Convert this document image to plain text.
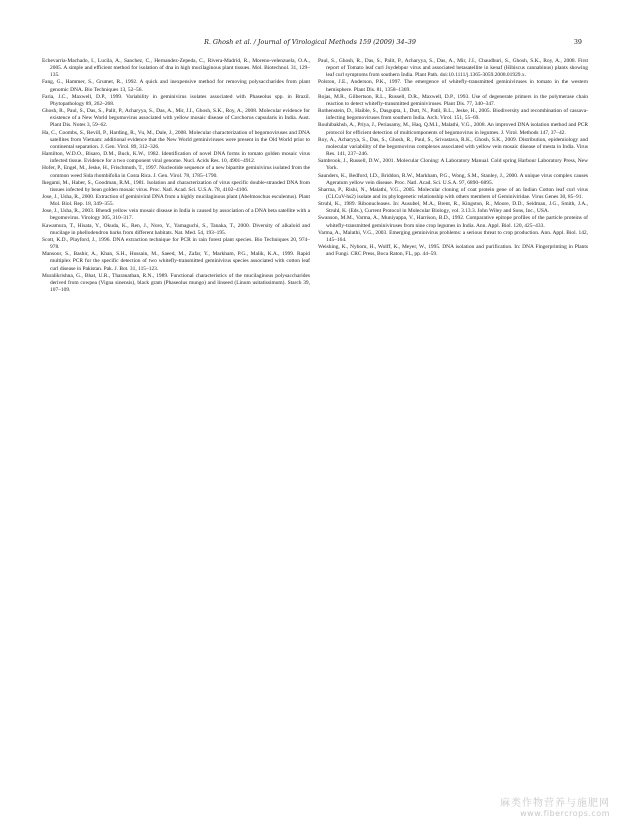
R. Ghosh et al. / Journal of Virological Methods 159 (2009) 34–39	39

Echevarria-Machado, I., Lucila, A., Sanchez, C., Hernandez-Zepeda, C., Rivera-Madrid, R., Moreno-velenzuela, O.A., 2005. A simple and efficient method for isolation of dna in high mucilaginous plant tissues. Mol. Biotechnol. 31, 129–135.

Fang, G., Hammer, S., Grumet, R., 1992. A quick and inexpensive method for removing polysaccharides from plant genomic DNA. Bio Techniques 13, 52–56.

Faria, J.C., Maxwell, D.P., 1999. Variability in geminivirus isolates associated with Phaseolus spp. in Brazil. Phytopathology 89, 262–268.

Ghosh, R., Paul, S., Das, S., Palit, P., Acharyya, S., Das, A., Mir, J.I., Ghosh, S.K., Roy, A., 2008. Molecular evidence for existence of a New World begomovirus associated with yellow mosaic disease of Corchorus capsularis in India. Aust. Plant Dis. Notes 3, 59–62.

Ha, C., Coombs, S., Revill, P., Harding, R., Vu, M., Dale, J., 2008. Molecular characterization of begomoviruses and DNA satellites from Vietnam: additional evidence that the New World geminiviruses were present in the Old World prior to continental separation. J. Gen. Virol. 89, 312–326.

Hamilton, W.D.O., Bisaro, D.M., Buck, K.W., 1982. Identification of novel DNA forms in tomato golden mosaic virus infected tissue. Evidence for a two component viral genome. Nucl. Acids Res. 10, 4901–4912.

Hofer, P., Engel, M., Jeske, H., Frischmuth, T., 1997. Nucleotide sequence of a new bipartite geminivirus isolated from the common weed Sida rhombifolia in Costa Rica. J. Gen. Virol. 78, 1785–1790.

Ikegami, M., Haber, S., Goodman, R.M., 1981. Isolation and characterization of virus specific double-stranded DNA from tissues infected by bean golden mosaic virus. Proc. Natl. Acad. Sci. U.S.A. 78, 4102–4106.

Jose, J., Usha, R., 2000. Extraction of geminiviral DNA from a highly mucilaginous plant (Abelmoschus esculentus). Plant Mol. Biol. Rep. 18, 349–355.

Jose, J., Usha, R., 2003. Bhendi yellow vein mosaic disease in India is caused by association of a DNA beta satellite with a begomovirus. Virology 305, 310–317.

Kawamura, T., Hisata, Y., Okuda, K., Ren, J., Noro, Y., Yamaguchi, S., Tanaka, T., 2000. Diversity of alkaloid and mucilage in phellodendron barks from different habitats. Nat. Med. 54, 193–195.

Scott, K.D., Playford, J., 1996. DNA extraction technique for PCR in rain forest plant species. Bio Techniques 20, 974–978.

Mansoor, S., Bashir, A., Khan, S.H., Hussain, M., Saeed, M., Zafar, Y., Markham, P.G., Malik, K.A., 1999. Rapid multiplex PCR for the specific detection of two whitefly-transmitted geminivirus species associated with cotton leaf curl disease in Pakistan. Pak. J. Bot. 31, 115–123.

Muralikrishna, G., Bhat, U.R., Tharanathan, R.N., 1989. Functional characteristics of the mucilaginous polysaccharides derived from cowpea (Vigna sinensis), black gram (Phaseolus mungo) and linseed (Linum usitatissimum). Starch 39, 107–109.

Paul, S., Ghosh, R., Das, S., Palit, P., Acharyya, S., Das, A., Mir, J.I., Chaudhuri, S., Ghosh, S.K., Roy, A., 2008. First report of Tomato leaf curl Joydebpur virus and associated betasatellite in kenaf (Hibiscus cannabinus) plants showing leaf curl symptoms from southern India. Plant Path. doi:10.1111/j.1365-3059.2008.01929.x.

Polston, J.E., Anderson, P.K., 1997. The emergence of whitefly-transmitted geminiviruses in tomato in the western hemisphere. Plant Dis. 81, 1358–1369.

Rojas, M.R., Gilbertson, R.L., Russell, D.R., Maxwell, D.P., 1993. Use of degenerate primers in the polymerase chain reaction to detect whitefly-transmitted geminiviruses. Plant Dis. 77, 340–347.

Rothenstein, D., Haible, S., Dasgupta, I., Dutt, N., Patil, B.L., Jeske, H., 2005. Biodiversity and recombination of cassava-infecting begomoviruses from southern India. Arch. Virol. 151, 55–69.

Rouhibakhsh, A., Priya, J., Periasamy, M., Haq, Q.M.I., Malathi, V.G., 2008. An improved DNA isolation method and PCR protocol for efficient detection of multicomponents of begomovirus in legumes. J. Virol. Methods 147, 37–42.

Roy, A., Acharyya, S., Das, S., Ghosh, R., Paul, S., Srivastava, R.K., Ghosh, S.K., 2009. Distribution, epidemiology and molecular variability of the begomovirus complexes associated with yellow vein mosaic disease of mesta in India. Virus Res. 141, 237–246.

Sambrook, J., Russell, D.W., 2001. Molecular Cloning: A Laboratory Manual. Cold spring Harbour Laboratory Press, New York.

Saunders, K., Bedford, I.D., Briddon, R.W., Markham, P.G., Wong, S.M., Stanley, J., 2000. A unique virus complex causes Ageratum yellow vein disease. Proc. Natl. Acad. Sci. U.S.A. 97, 6890–6895.

Sharma, P., Rishi, N., Malathi, V.G., 2005. Molecular cloning of coat protein gene of an Indian Cotton leaf curl virus (CLCuV-hs2) isolate and its phylogenetic relationship with others members of Geminiviridae. Virus Genes 30, 85–91.

Struhl, K., 1989. Ribonucleases. In: Ausubel, M.A., Brent, R., Kingston, R., Moore, D.D., Seidman, J.G., Smith, J.A., Struhl, K. (Eds.), Current Protocol in Molecular Biology, vol. 3.13.3. John Wiley and Sons, Inc., USA.

Swanson, M.M., Varma, A., Muniyappa, V., Harrison, B.D., 1992. Comparative epitope profiles of the particle proteins of whitefly-transmitted geminiviruses from nine crop legumes in India. Ann. Appl. Biol. 120, 425–433.

Varma, A., Malathi, V.G., 2003. Emerging geminivirus problems: a serious threat to crop production. Ann. Appl. Biol. 142, 145–164.

Weishing, K., Nybom, H., Wolff, K., Meyer, W., 1995. DNA isolation and purification. In: DNA Fingerprinting in Plants and Fungi. CRC Press, Boca Raton, FL, pp. 44–59.

麻类作物营养与施肥网
www.fibercrops.com
